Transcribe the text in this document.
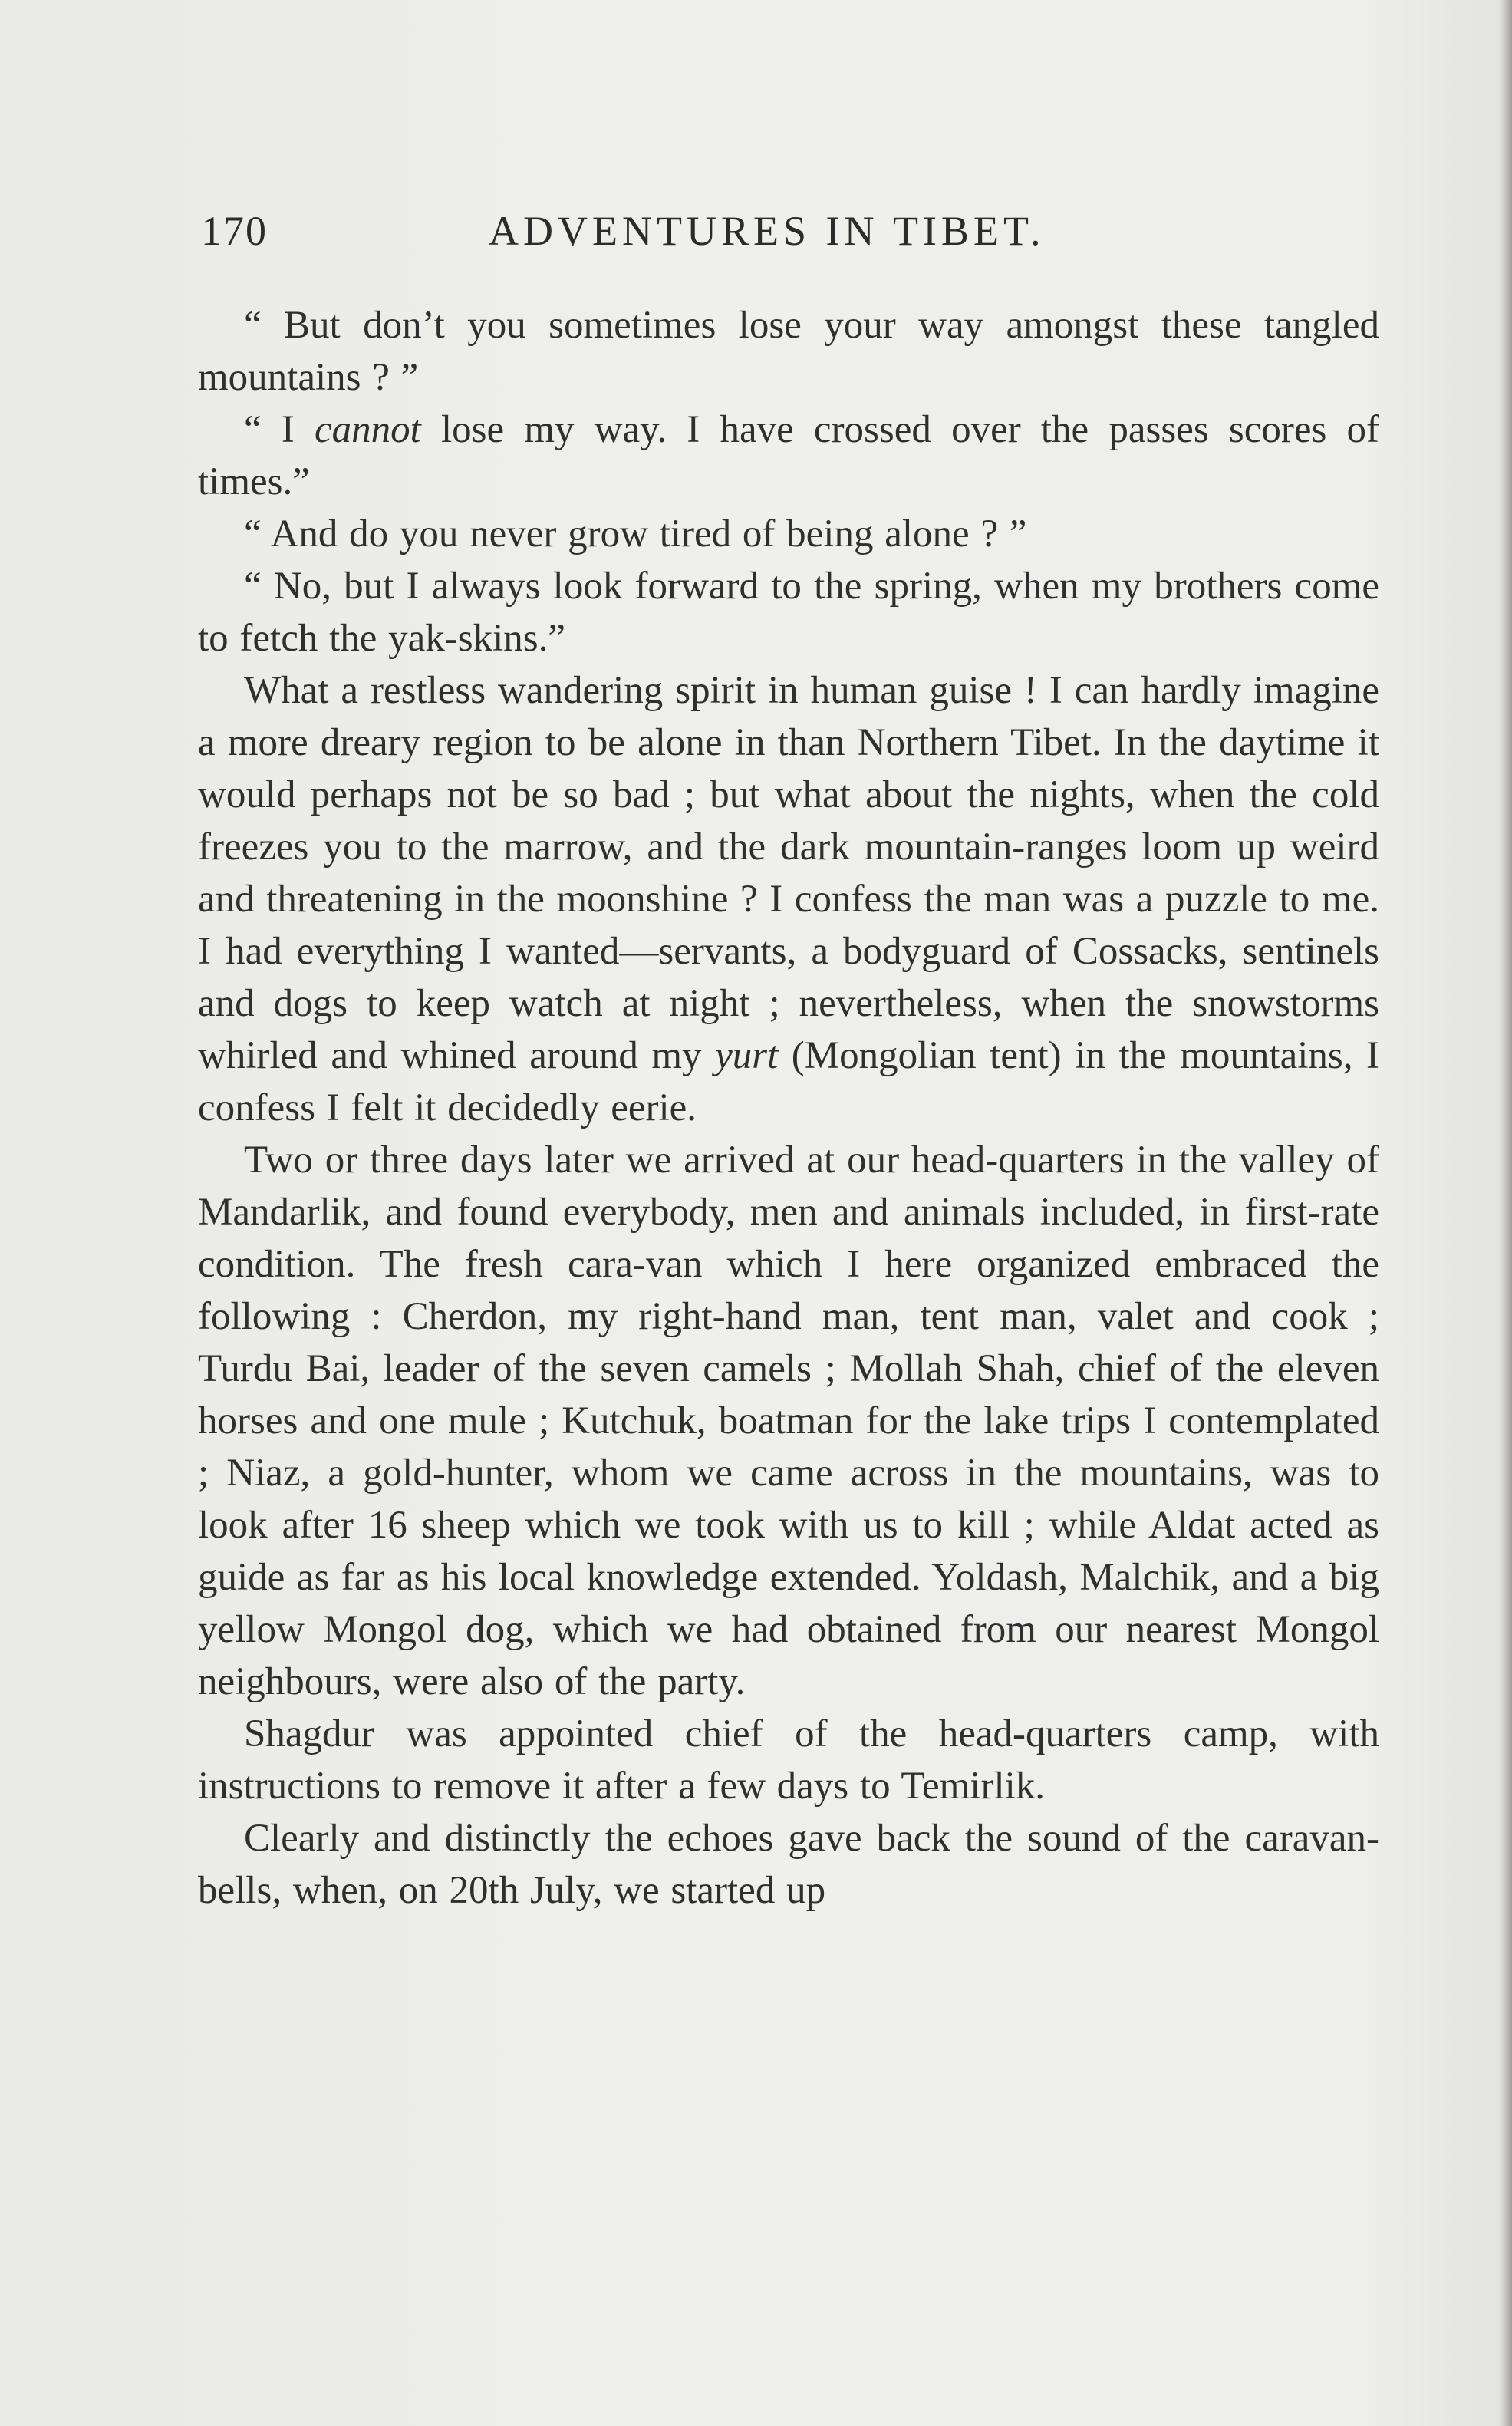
170	ADVENTURES IN TIBET.

“ But don’t you sometimes lose your way amongst these tangled mountains ? ”

“ I cannot lose my way. I have crossed over the passes scores of times.”

“ And do you never grow tired of being alone ? ”

“ No, but I always look forward to the spring, when my brothers come to fetch the yak-skins.”

What a restless wandering spirit in human guise ! I can hardly imagine a more dreary region to be alone in than Northern Tibet. In the daytime it would perhaps not be so bad ; but what about the nights, when the cold freezes you to the marrow, and the dark mountain-ranges loom up weird and threatening in the moonshine ? I confess the man was a puzzle to me. I had everything I wanted—servants, a bodyguard of Cossacks, sentinels and dogs to keep watch at night ; nevertheless, when the snowstorms whirled and whined around my yurt (Mongolian tent) in the mountains, I confess I felt it decidedly eerie.

Two or three days later we arrived at our head-quarters in the valley of Mandarlik, and found everybody, men and animals included, in first-rate condition. The fresh cara-van which I here organized embraced the following : Cherdon, my right-hand man, tent man, valet and cook ; Turdu Bai, leader of the seven camels ; Mollah Shah, chief of the eleven horses and one mule ; Kutchuk, boatman for the lake trips I contemplated ; Niaz, a gold-hunter, whom we came across in the mountains, was to look after 16 sheep which we took with us to kill ; while Aldat acted as guide as far as his local knowledge extended. Yoldash, Malchik, and a big yellow Mongol dog, which we had obtained from our nearest Mongol neighbours, were also of the party.

Shagdur was appointed chief of the head-quarters camp, with instructions to remove it after a few days to Temirlik.

Clearly and distinctly the echoes gave back the sound of the caravan-bells, when, on 20th July, we started up
